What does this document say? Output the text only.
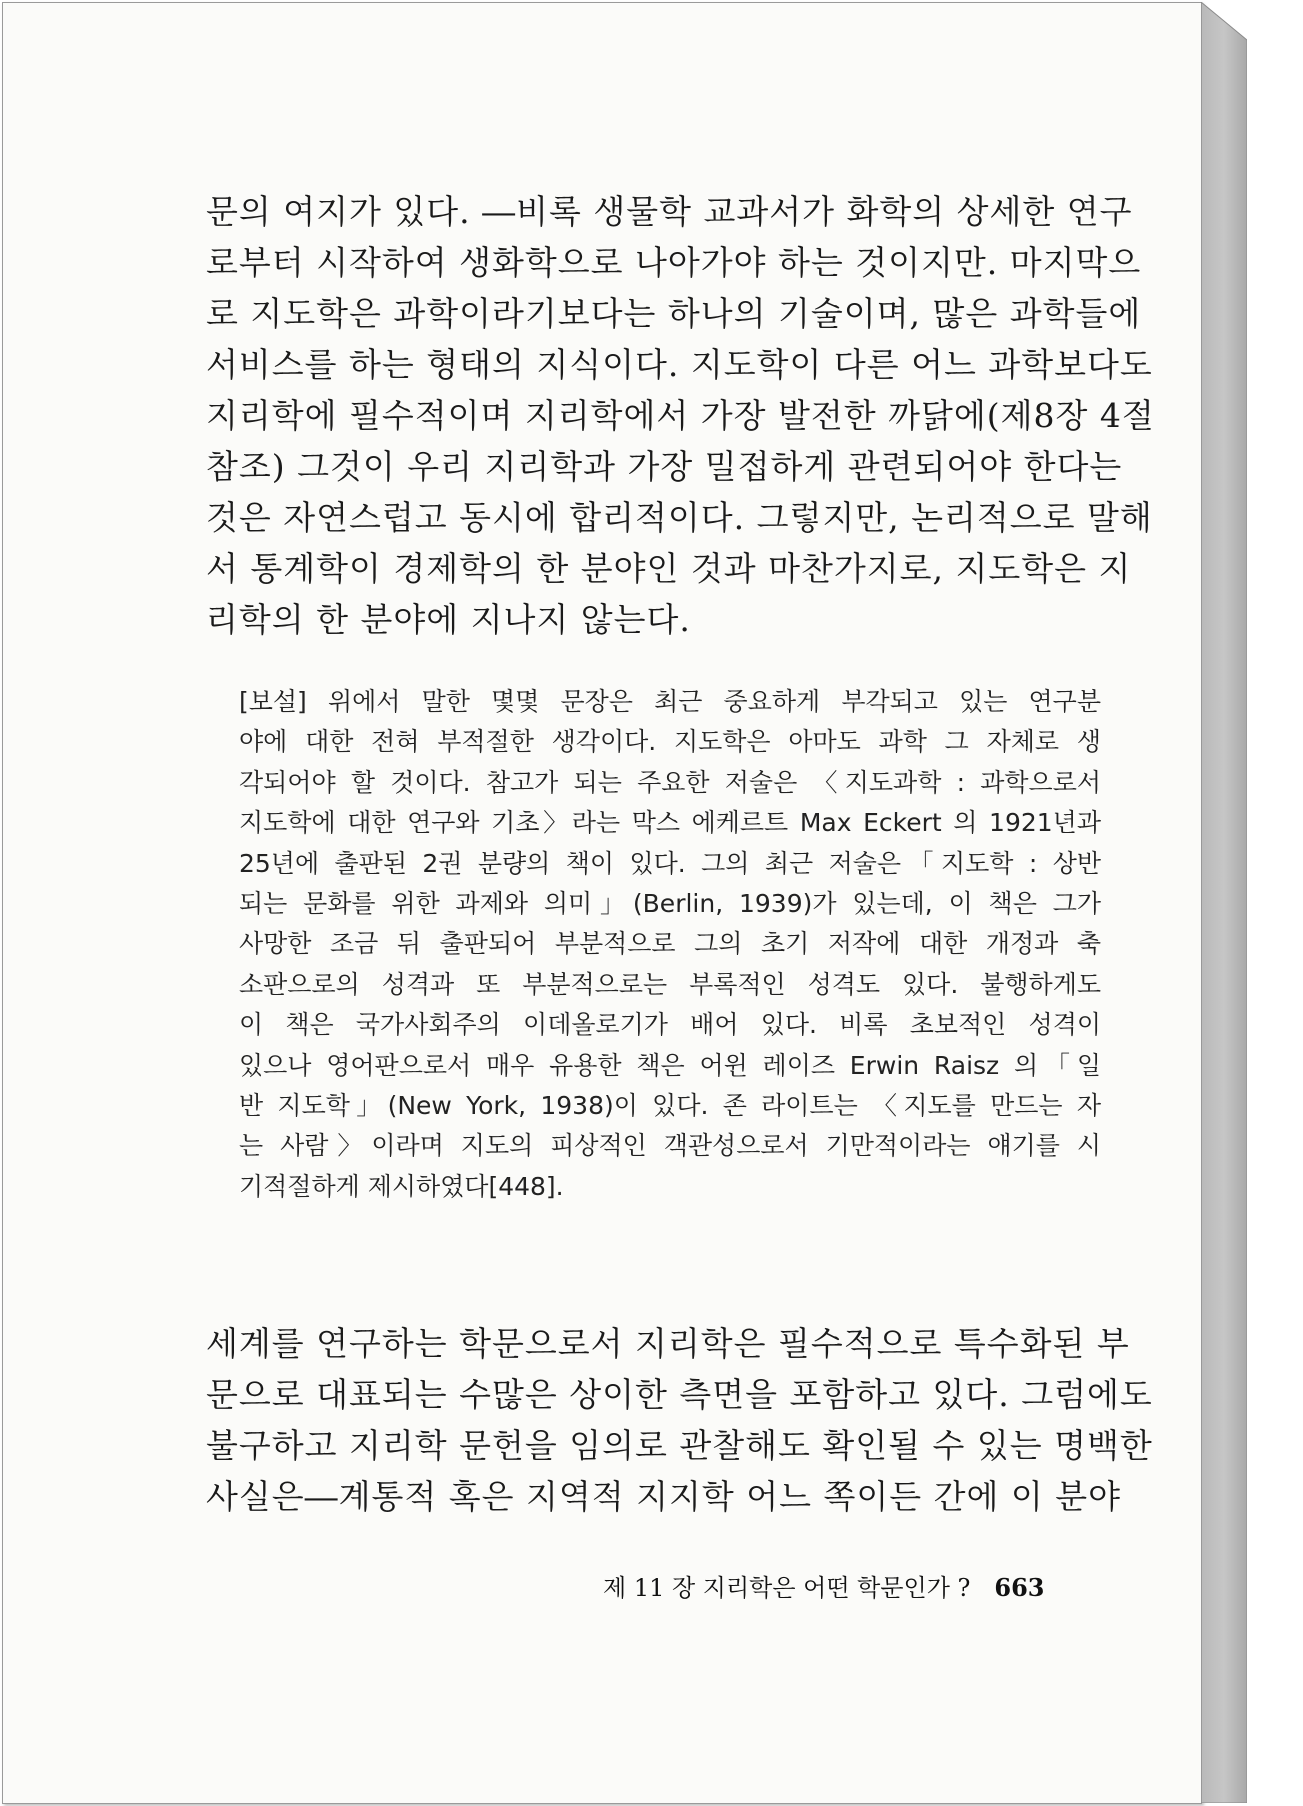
문의 여지가 있다. ―비록 생물학 교과서가 화학의 상세한 연구
로부터 시작하여 생화학으로 나아가야 하는 것이지만. 마지막으
로 지도학은 과학이라기보다는 하나의 기술이며, 많은 과학들에
서비스를 하는 형태의 지식이다. 지도학이 다른 어느 과학보다도
지리학에 필수적이며 지리학에서 가장 발전한 까닭에(제8장 4절
참조) 그것이 우리 지리학과 가장 밀접하게 관련되어야 한다는
것은 자연스럽고 동시에 합리적이다. 그렇지만, 논리적으로 말해
서 통계학이 경제학의 한 분야인 것과 마찬가지로, 지도학은 지
리학의 한 분야에 지나지 않는다.
[보설] 위에서 말한 몇몇 문장은 최근 중요하게 부각되고 있는 연구분
야에 대한 전혀 부적절한 생각이다. 지도학은 아마도 과학 그 자체로 생
각되어야 할 것이다. 참고가 되는 주요한 저술은 〈지도과학 : 과학으로서
지도학에 대한 연구와 기초〉라는 막스 에케르트 Max Eckert 의 1921년과
25년에 출판된 2권 분량의 책이 있다. 그의 최근 저술은「지도학 : 상반
되는 문화를 위한 과제와 의미」(Berlin, 1939)가 있는데, 이 책은 그가
사망한 조금 뒤 출판되어 부분적으로 그의 초기 저작에 대한 개정과 축
소판으로의 성격과 또 부분적으로는 부록적인 성격도 있다. 불행하게도
이 책은 국가사회주의 이데올로기가 배어 있다. 비록 초보적인 성격이
있으나 영어판으로서 매우 유용한 책은 어윈 레이즈 Erwin Raisz 의「일
반 지도학」(New York, 1938)이 있다. 존 라이트는 〈지도를 만드는 자
는 사람〉이라며 지도의 피상적인 객관성으로서 기만적이라는 얘기를 시
기적절하게 제시하였다[448].
세계를 연구하는 학문으로서 지리학은 필수적으로 특수화된 부
문으로 대표되는 수많은 상이한 측면을 포함하고 있다. 그럼에도
불구하고 지리학 문헌을 임의로 관찰해도 확인될 수 있는 명백한
사실은―계통적 혹은 지역적 지지학 어느 쪽이든 간에 이 분야
제 11 장 지리학은 어떤 학문인가 ? 663
